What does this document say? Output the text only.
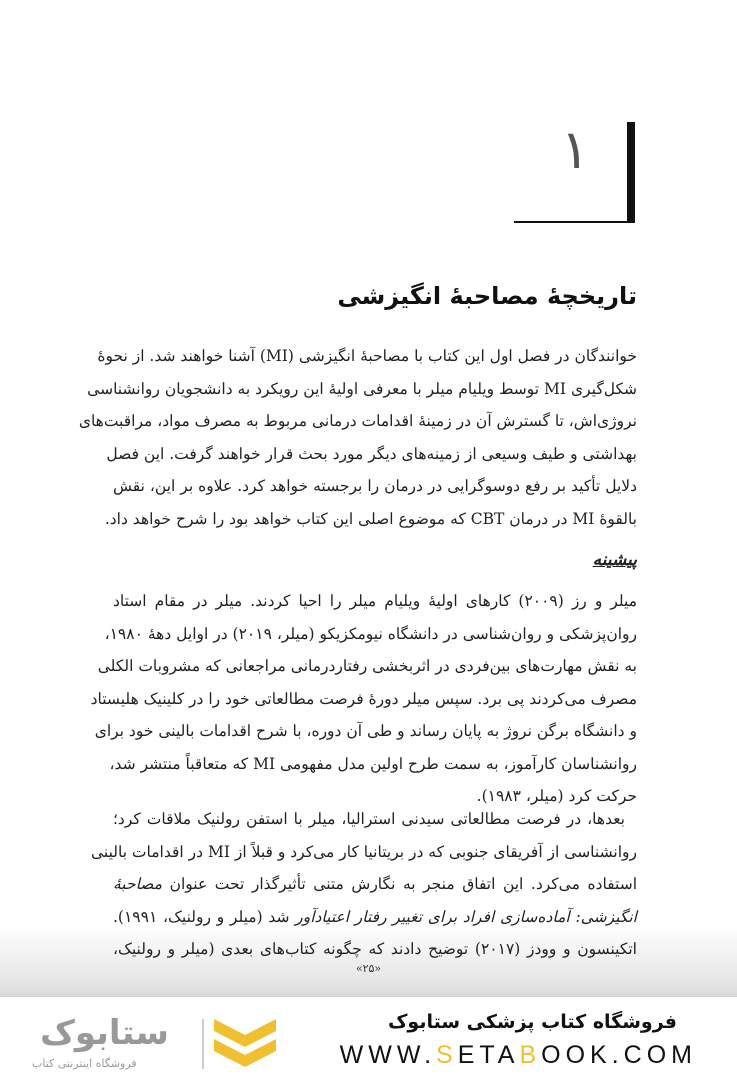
۱
تاریخچهٔ مصاحبهٔ انگیزشی
خوانندگان در فصل اول این کتاب با مصاحبهٔ انگیزشی (MI) آشنا خواهند شد. از نحوهٔ
شکل‌گیری MI توسط ویلیام میلر با معرفی اولیهٔ این رویکرد به دانشجویان روانشناسی
نروژی‌اش، تا گسترش آن در زمینهٔ اقدامات درمانی مربوط به مصرف مواد، مراقبت‌های
بهداشتی و طیف وسیعی از زمینه‌های دیگر مورد بحث قرار خواهند گرفت. این فصل
دلایل تأکید بر رفع دوسوگرایی در درمان را برجسته خواهد کرد. علاوه بر این، نقش
بالقوهٔ MI در درمان CBT که موضوع اصلی این کتاب خواهد بود را شرح خواهد داد.
پیشینه
میلر و رز (۲۰۰۹) کارهای اولیهٔ ویلیام میلر را احیا کردند. میلر در مقام استاد
روان‌پزشکی و روان‌شناسی در دانشگاه نیومکزیکو (میلر، ۲۰۱۹) در اوایل دههٔ ۱۹۸۰،
به نقش مهارت‌های بین‌فردی در اثربخشی رفتاردرمانی مراجعانی که مشروبات الکلی
مصرف می‌کردند پی برد. سپس میلر دورهٔ فرصت مطالعاتی خود را در کلینیک هلیستاد
و دانشگاه برگن نروژ به پایان رساند و طی آن دوره، با شرح اقدامات بالینی خود برای
روانشناسان کارآموز، به سمت طرح اولین مدل مفهومی MI که متعاقباً منتشر شد،
حرکت کرد (میلر، ۱۹۸۳).
بعدها، در فرصت مطالعاتی سیدنی استرالیا، میلر با استفن رولنیک ملاقات کرد؛
روانشناسی از آفریقای جنوبی که در بریتانیا کار می‌کرد و قبلاً از MI در اقدامات بالینی
استفاده می‌کرد. این اتفاق منجر به نگارش متنی تأثیرگذار تحت عنوان مصاحبهٔ
انگیزشی: آماده‌سازی افراد برای تغییر رفتار اعتیادآور شد (میلر و رولنیک، ۱۹۹۱).
اتکینسون و وودز (۲۰۱۷) توضیح دادند که چگونه کتاب‌های بعدی (میلر و رولنیک،
«۲۵»
ستابوک
فروشگاه اینترنتی کتاب
فروشگاه کتاب پزشکی ستابوک
WWW.SETABOOK.COM
